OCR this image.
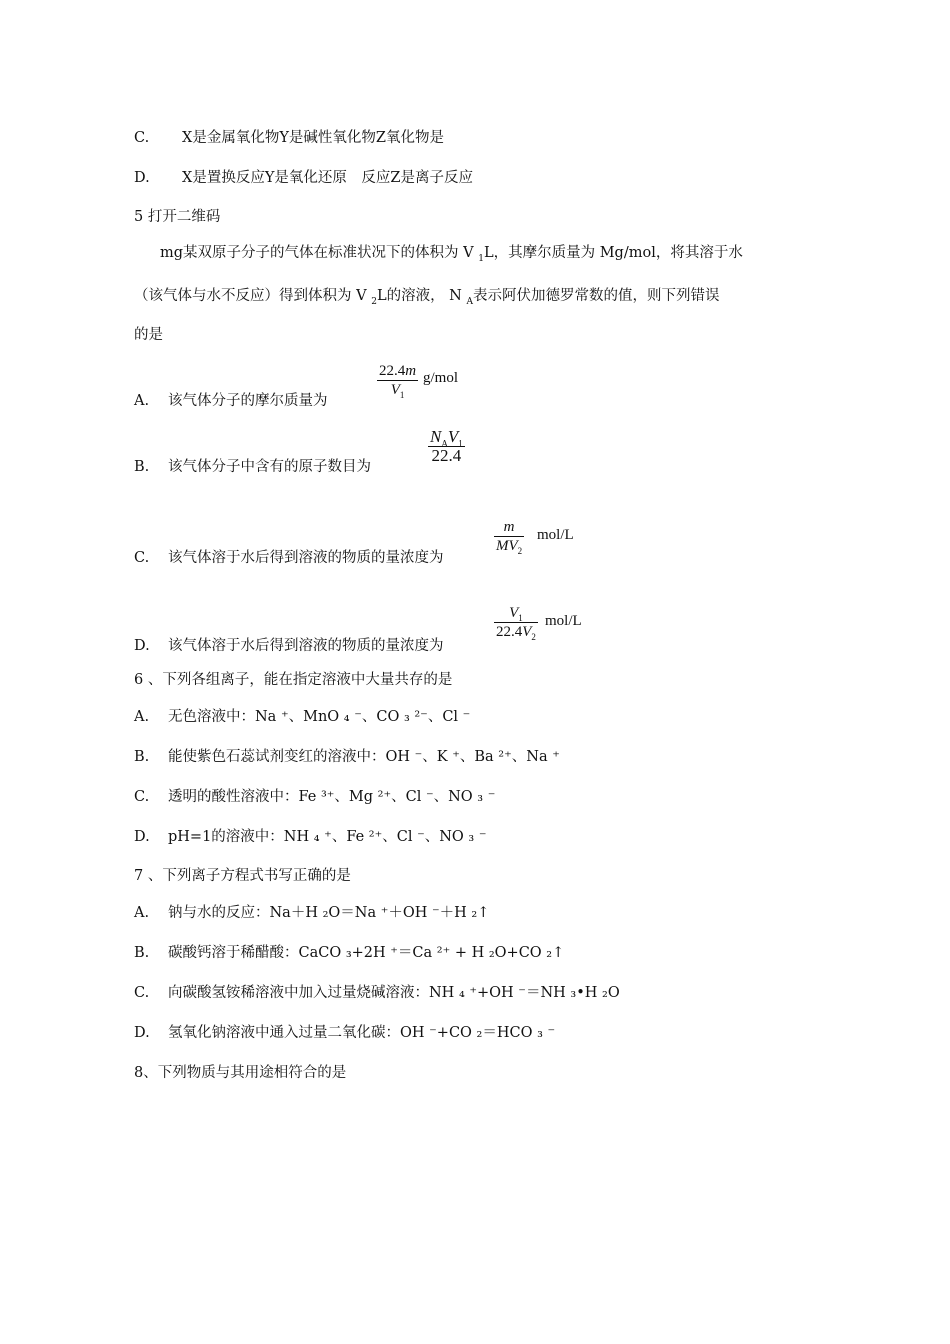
C. X是金属氧化物Y是碱性氧化物Z氧化物是
D. X是置换反应Y是氧化还原　反应Z是离子反应
5 打开二维码
mg某双原子分子的气体在标准状况下的体积为 V $_1$L，其摩尔质量为 Mg/mol，将其溶于水
（该气体与水不反应）得到体积为 V $_2$L的溶液， N $_A$表示阿伏加德罗常数的值，则下列错误
的是
A. 该气体分子的摩尔质量为
22.4m
$V_1$
g/mol
B. 该气体分子中含有的原子数目为
$N_AV_1$
22.4
C. 该气体溶于水后得到溶液的物质的量浓度为
m
$MV_2$
mol/L
D. 该气体溶于水后得到溶液的物质的量浓度为
$V_1$
$22.4V_2$
mol/L
6 、下列各组离子，能在指定溶液中大量共存的是
A. 无色溶液中：Na ⁺、MnO ₄ ⁻、CO ₃ ²⁻、Cl ⁻
B. 能使紫色石蕊试剂变红的溶液中：OH ⁻、K ⁺、Ba ²⁺、Na ⁺
C. 透明的酸性溶液中：Fe ³⁺、Mg ²⁺、Cl ⁻、NO ₃ ⁻
D. pH=1的溶液中：NH ₄ ⁺、Fe ²⁺、Cl ⁻、NO ₃ ⁻
7 、下列离子方程式书写正确的是
A. 钠与水的反应：Na＋H ₂O＝Na ⁺＋OH ⁻＋H ₂↑
B. 碳酸钙溶于稀醋酸：CaCO ₃+2H ⁺＝Ca ²⁺ + H ₂O+CO ₂↑
C. 向碳酸氢铵稀溶液中加入过量烧碱溶液：NH ₄ ⁺+OH ⁻＝NH ₃•H ₂O
D. 氢氧化钠溶液中通入过量二氧化碳：OH ⁻+CO ₂＝HCO ₃ ⁻
8、下列物质与其用途相符合的是
